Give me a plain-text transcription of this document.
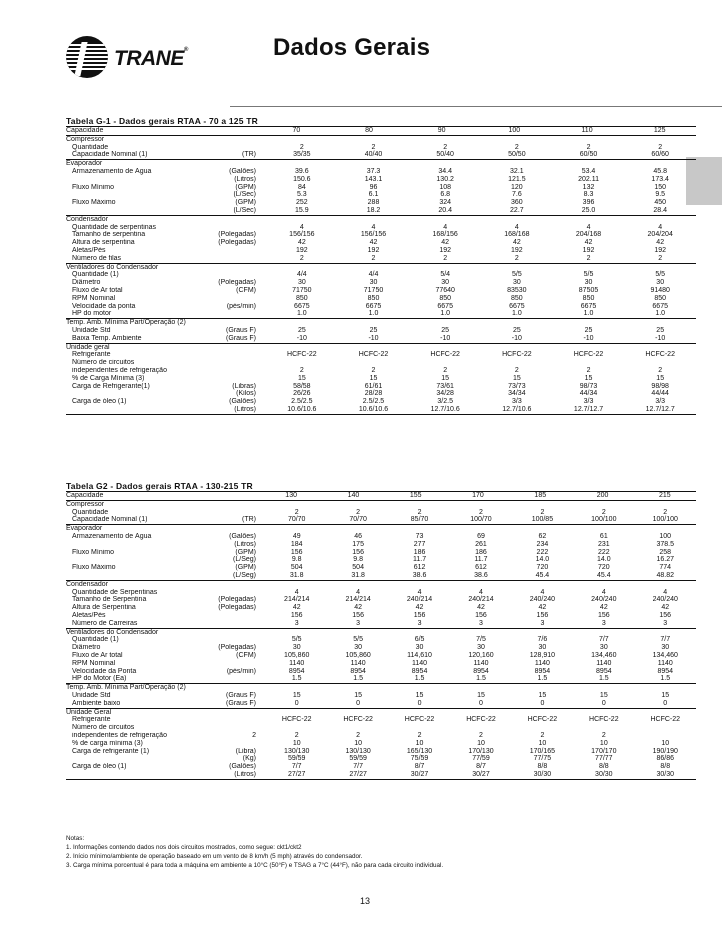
TRANE®	Dados Gerais
Tabela G-1 - Dados gerais RTAA - 70 a 125 TR
Capacidade	70	80	90	100	110	125
Compressor
Quantidade	2	2	2	2	2	2
Capacidade Nominal (1)	(TR)	35/35	40/40	50/40	50/50	60/50	60/60
Evaporador
Armazenamento de Água	(Galões)	39.6	37.3	34.4	32.1	53.4	45.8
(Litros)	150.6	143.1	130.2	121.5	202.11	173.4
Fluxo Mínimo	(GPM)	84	96	108	120	132	150
(L/Sec)	5.3	6.1	6.8	7.6	8.3	9.5
Fluxo Máximo	(GPM)	252	288	324	360	396	450
(L/Sec)	15.9	18.2	20.4	22.7	25.0	28.4
Condensador
Quantidade de serpentinas	4	4	4	4	4	4
Tamanho de serpentina	(Polegadas)	156/156	156/156	168/156	168/168	204/168	204/204
Altura de serpentina	(Polegadas)	42	42	42	42	42	42
Aletas/Pés	192	192	192	192	192	192
Número de filas	2	2	2	2	2	2
Ventiladores do Condensador
Quantidade (1)	4/4	4/4	5/4	5/5	5/5	5/5
Diâmetro	(Polegadas)	30	30	30	30	30	30
Fluxo de Ar total	(CFM)	71750	71750	77640	83530	87505	91480
RPM Nominal	850	850	850	850	850	850
Velocidade da ponta	(pés/min)	6675	6675	6675	6675	6675	6675
HP do motor	1.0	1.0	1.0	1.0	1.0	1.0
Temp. Amb. Mínima Part/Operação (2)
Unidade Std	(Graus F)	25	25	25	25	25	25
Baixa Temp. Ambiente	(Graus F)	-10	-10	-10	-10	-10	-10
Unidade geral
Refrigerante	HCFC-22	HCFC-22	HCFC-22	HCFC-22	HCFC-22	HCFC-22
Número de circuitos
independentes de refrigeração	2	2	2	2	2	2
% de Carga Mínima (3)	15	15	15	15	15	15
Carga de Refrigerante(1)	(Libras)	58/58	61/61	73/61	73/73	98/73	98/98
(Kilos)	26/26	28/28	34/28	34/34	44/34	44/44
Carga de óleo (1)	(Galões)	2.5/2.5	2.5/2.5	3/2.5	3/3	3/3	3/3
(Litros)	10.6/10.6	10.6/10.6	12.7/10.6	12.7/10.6	12.7/12.7	12.7/12.7
Tabela G2 - Dados gerais RTAA - 130-215 TR
Capacidade	130	140	155	170	185	200	215
Compressor
Quantidade	2	2	2	2	2	2	2
Capacidade Nominal (1)	(TR)	70/70	70/70	85/70	100/70	100/85	100/100	100/100
Evaporador
Armazenamento de Água	(Galões)	49	46	73	69	62	61	100
(Litros)	184	175	277	261	234	231	378.5
Fluxo Mínimo	(GPM)	156	156	186	186	222	222	258
(L/Seg)	9.8	9.8	11.7	11.7	14.0	14.0	16.27
Fluxo Máximo	(GPM)	504	504	612	612	720	720	774
(L/Seg)	31.8	31.8	38.6	38.6	45.4	45.4	48.82
Condensador
Quantidade de Serpentinas	4	4	4	4	4	4	4
Tamanho de Serpentina	(Polegadas)	214/214	214/214	240/214	240/214	240/240	240/240	240/240
Altura de Serpentina	(Polegadas)	42	42	42	42	42	42	42
Aletas/Pés	156	156	156	156	156	156	156
Número de Carreiras	3	3	3	3	3	3	3
Ventiladores do Condensador
Quantidade (1)	5/5	5/5	6/5	7/5	7/6	7/7	7/7
Diâmetro	(Polegadas)	30	30	30	30	30	30	30
Fluxo de Ar total	(CFM)	105,860	105,860	114,610	120,160	128,910	134,460	134,460
RPM Nominal	1140	1140	1140	1140	1140	1140	1140
Velocidade da Ponta	(pés/min)	8954	8954	8954	8954	8954	8954	8954
HP do Motor (Ea)	1.5	1.5	1.5	1.5	1.5	1.5	1.5
Temp. Amb. Mínima Part/Operação (2)
Unidade Std	(Graus F)	15	15	15	15	15	15	15
Ambiente baixo	(Graus F)	0	0	0	0	0	0	0
Unidade Geral
Refrigerante	HCFC-22	HCFC-22	HCFC-22	HCFC-22	HCFC-22	HCFC-22	HCFC-22
Número de circuitos
independentes de refrigeração	2	2	2	2	2	2	2
% de carga mínima (3)	10	10	10	10	10	10	10
Carga de refrigerante (1)	(Libra)	130/130	130/130	165/130	170/130	170/165	170/170	190/190
(Kg)	59/59	59/59	75/59	77/59	77/75	77/77	86/86
Carga de óleo (1)	(Galões)	7/7	7/7	8/7	8/7	8/8	8/8	8/8
(Litros)	27/27	27/27	30/27	30/27	30/30	30/30	30/30
Notas:
1. Informações contendo dados nos dois circuitos mostrados, como segue: ckt1/ckt2
2. Início mínimo/ambiente de operação baseado em um vento de 8 km/h (5 mph) através do condensador.
3. Carga mínima porcentual é para toda a máquina em ambiente a 10°C (50°F) e TSAG a 7°C (44°F), não para cada circuito individual.
13
